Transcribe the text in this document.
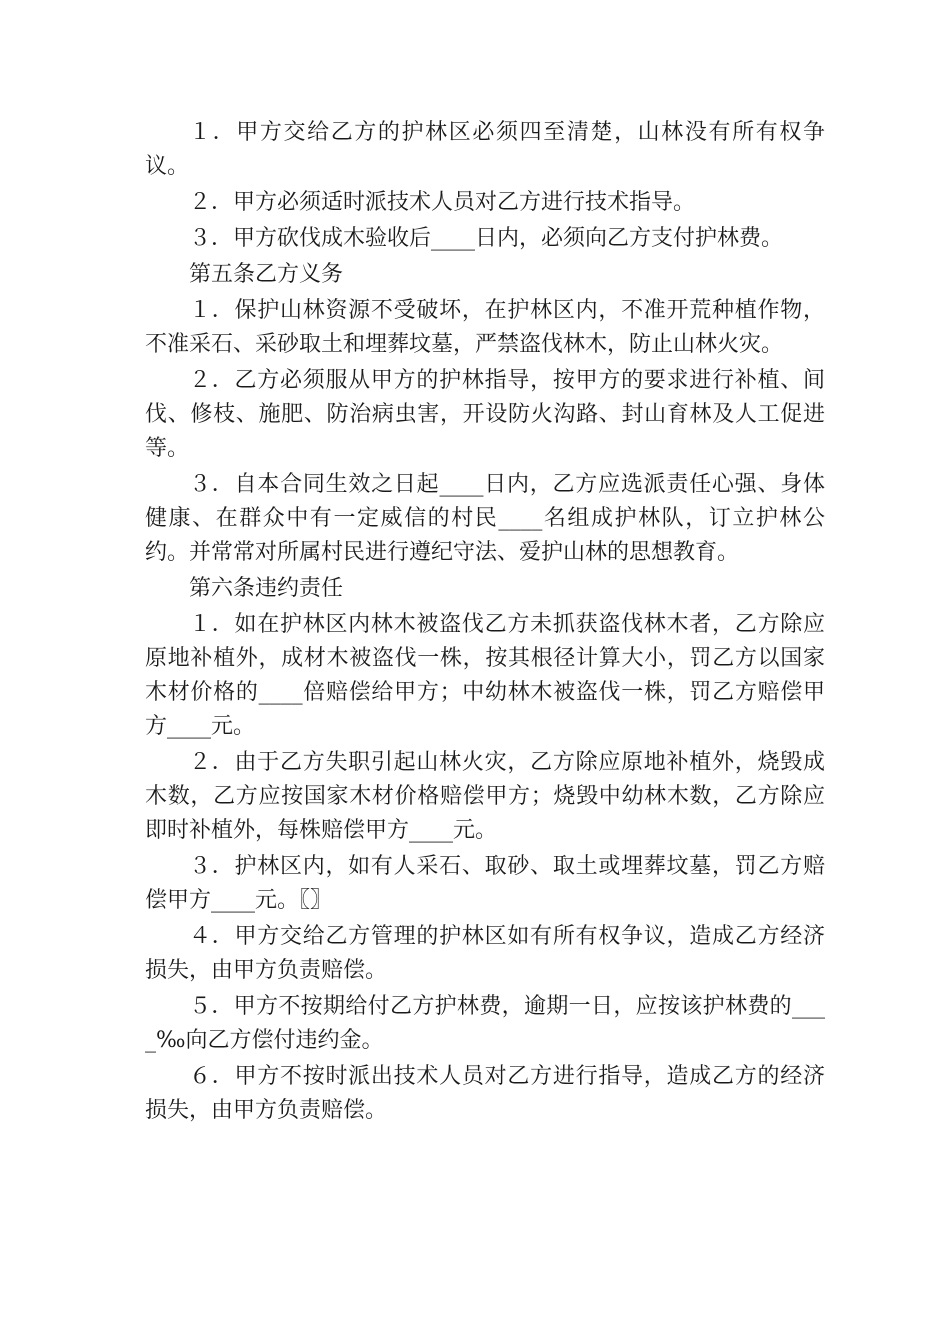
１．甲方交给乙方的护林区必须四至清楚，山林没有所有权争议。

２．甲方必须适时派技术人员对乙方进行技术指导。

３．甲方砍伐成木验收后____日内，必须向乙方支付护林费。

第五条乙方义务

１．保护山林资源不受破坏，在护林区内，不准开荒种植作物，不准采石、采砂取土和埋葬坟墓，严禁盗伐林木，防止山林火灾。

２．乙方必须服从甲方的护林指导，按甲方的要求进行补植、间伐、修枝、施肥、防治病虫害，开设防火沟路、封山育林及人工促进等。

３．自本合同生效之日起____日内，乙方应选派责任心强、身体健康、在群众中有一定威信的村民____名组成护林队，订立护林公约。并常常对所属村民进行遵纪守法、爱护山林的思想教育。

第六条违约责任

１．如在护林区内林木被盗伐乙方未抓获盗伐林木者，乙方除应原地补植外，成材木被盗伐一株，按其根径计算大小，罚乙方以国家木材价格的____倍赔偿给甲方；中幼林木被盗伐一株，罚乙方赔偿甲方____元。

２．由于乙方失职引起山林火灾，乙方除应原地补植外，烧毁成木数，乙方应按国家木材价格赔偿甲方；烧毁中幼林木数，乙方除应即时补植外，每株赔偿甲方____元。

３．护林区内，如有人采石、取砂、取土或埋葬坟墓，罚乙方赔偿甲方____元。〖〗

４．甲方交给乙方管理的护林区如有所有权争议，造成乙方经济损失，由甲方负责赔偿。

５．甲方不按期给付乙方护林费，逾期一日，应按该护林费的____‰向乙方偿付违约金。

６．甲方不按时派出技术人员对乙方进行指导，造成乙方的经济损失，由甲方负责赔偿。
